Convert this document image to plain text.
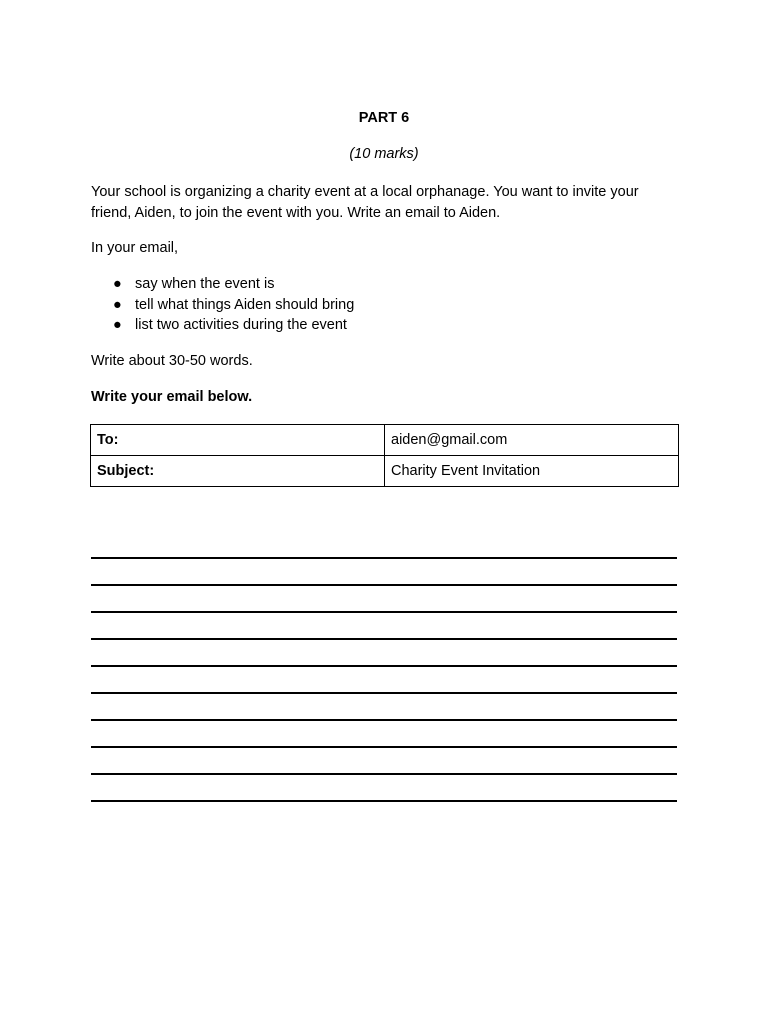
PART 6

(10 marks)

Your school is organizing a charity event at a local orphanage. You want to invite your friend, Aiden, to join the event with you. Write an email to Aiden.

In your email,

● say when the event is
● tell what things Aiden should bring
● list two activities during the event

Write about 30-50 words.

Write your email below.

To:	aiden@gmail.com
Subject:	Charity Event Invitation
